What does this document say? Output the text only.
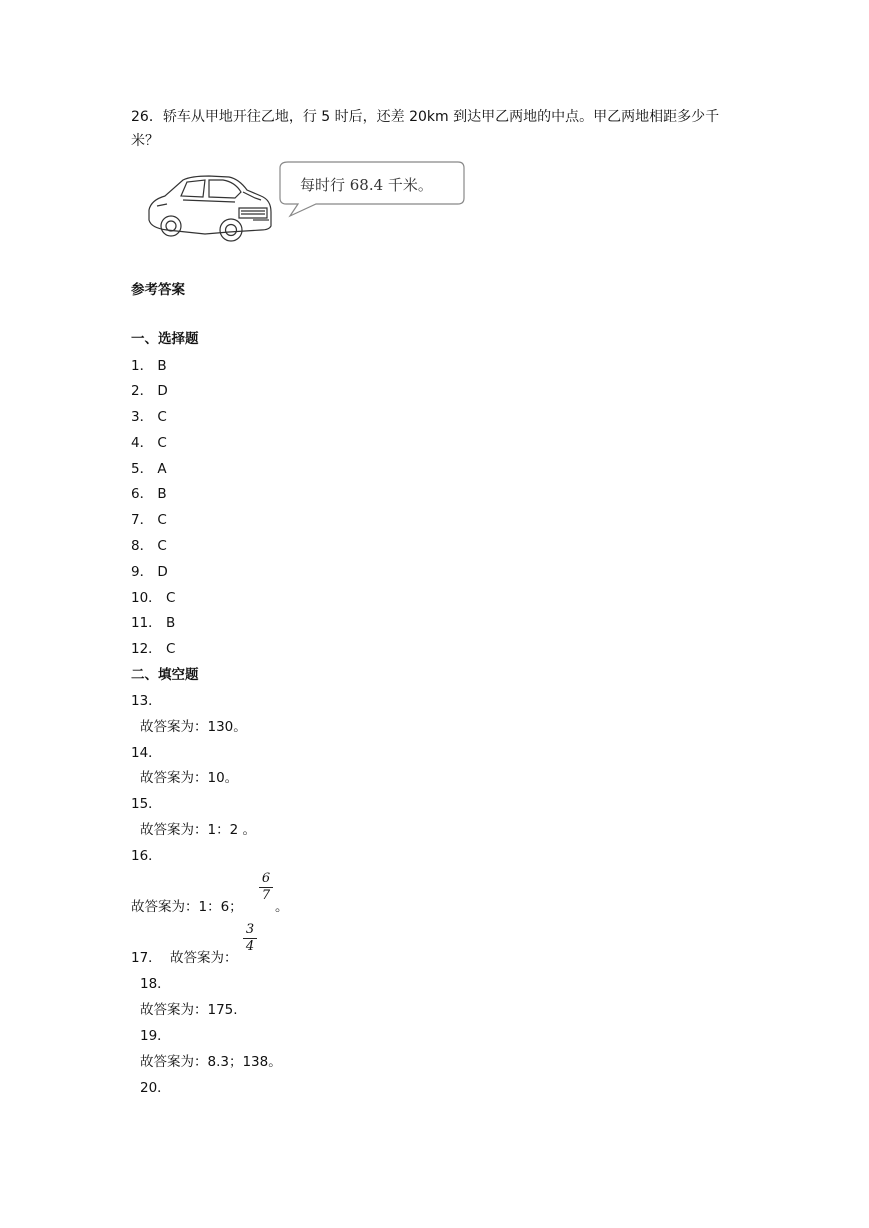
26．轿车从甲地开往乙地，行 5 时后，还差 20km 到达甲乙两地的中点。甲乙两地相距多少千米？
每时行 68.4 千米。
参考答案
一、选择题
1． B
2． D
3． C
4． C
5． A
6． B
7． C
8． C
9． D
10． C
11． B
12． C
二、填空题
13．
故答案为：130。
14．
故答案为：10。
15．
故答案为：1：2 。
16．
故答案为：1：6；
6
7
。
17． 故答案为：
3
4
18．
故答案为：175.
19．
故答案为：8.3；138。
20．
